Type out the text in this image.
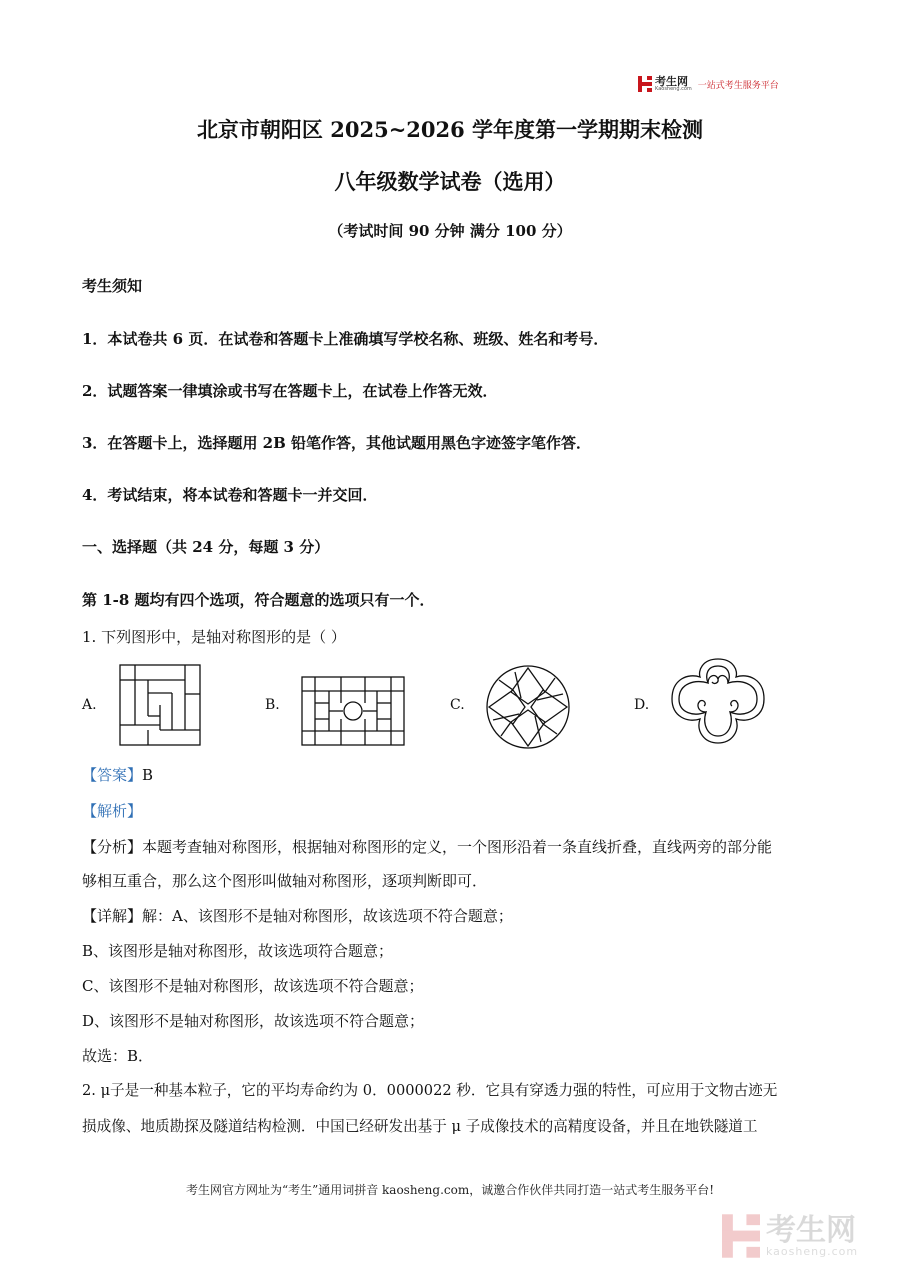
考生网
Kaosheng.com 一站式考生服务平台
北京市朝阳区 2025~2026 学年度第一学期期末检测
八年级数学试卷（选用）
（考试时间 90 分钟 满分 100 分）
考生须知
1．本试卷共 6 页．在试卷和答题卡上准确填写学校名称、班级、姓名和考号．
2．试题答案一律填涂或书写在答题卡上，在试卷上作答无效．
3．在答题卡上，选择题用 2B 铅笔作答，其他试题用黑色字迹签字笔作答．
4．考试结束，将本试卷和答题卡一并交回．
一、选择题（共 24 分，每题 3 分）
第 1-8 题均有四个选项，符合题意的选项只有一个．
1. 下列图形中，是轴对称图形的是（ ）
A.	B.	C.	D.
【答案】B
【解析】
【分析】本题考查轴对称图形，根据轴对称图形的定义，一个图形沿着一条直线折叠，直线两旁的部分能
够相互重合，那么这个图形叫做轴对称图形，逐项判断即可．
【详解】解：A、该图形不是轴对称图形，故该选项不符合题意；
B、该图形是轴对称图形，故该选项符合题意；
C、该图形不是轴对称图形，故该选项不符合题意；
D、该图形不是轴对称图形，故该选项不符合题意；
故选：B．
2. μ子是一种基本粒子，它的平均寿命约为 0．0000022 秒．它具有穿透力强的特性，可应用于文物古迹无
损成像、地质勘探及隧道结构检测．中国已经研发出基于 μ 子成像技术的高精度设备，并且在地铁隧道工
考生网官方网址为“考生”通用词拼音 kaosheng.com，诚邀合作伙伴共同打造一站式考生服务平台!
考生网
kaosheng.com
